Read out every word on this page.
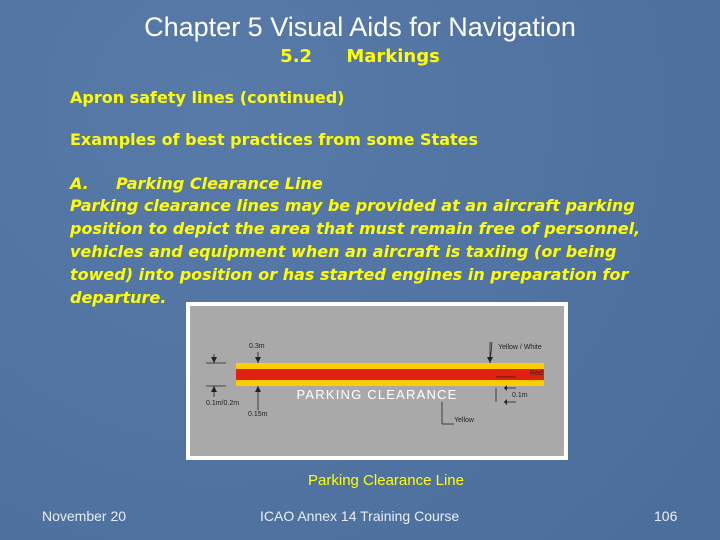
Chapter 5 Visual Aids for Navigation
5.2 Markings
Apron safety lines (continued)
Examples of best practices from some States
A. Parking Clearance Line
Parking clearance lines may be provided at an aircraft parking position to depict the area that must remain free of personnel, vehicles and equipment when an aircraft is taxiing (or being towed) into position or has started engines in preparation for departure.
PARKING CLEARANCE
0.3m
0.1m/0.2m
0.15m
0.1m
Yellow / White
Red
Yellow
Parking Clearance Line
November 20	ICAO Annex 14 Training Course	106
